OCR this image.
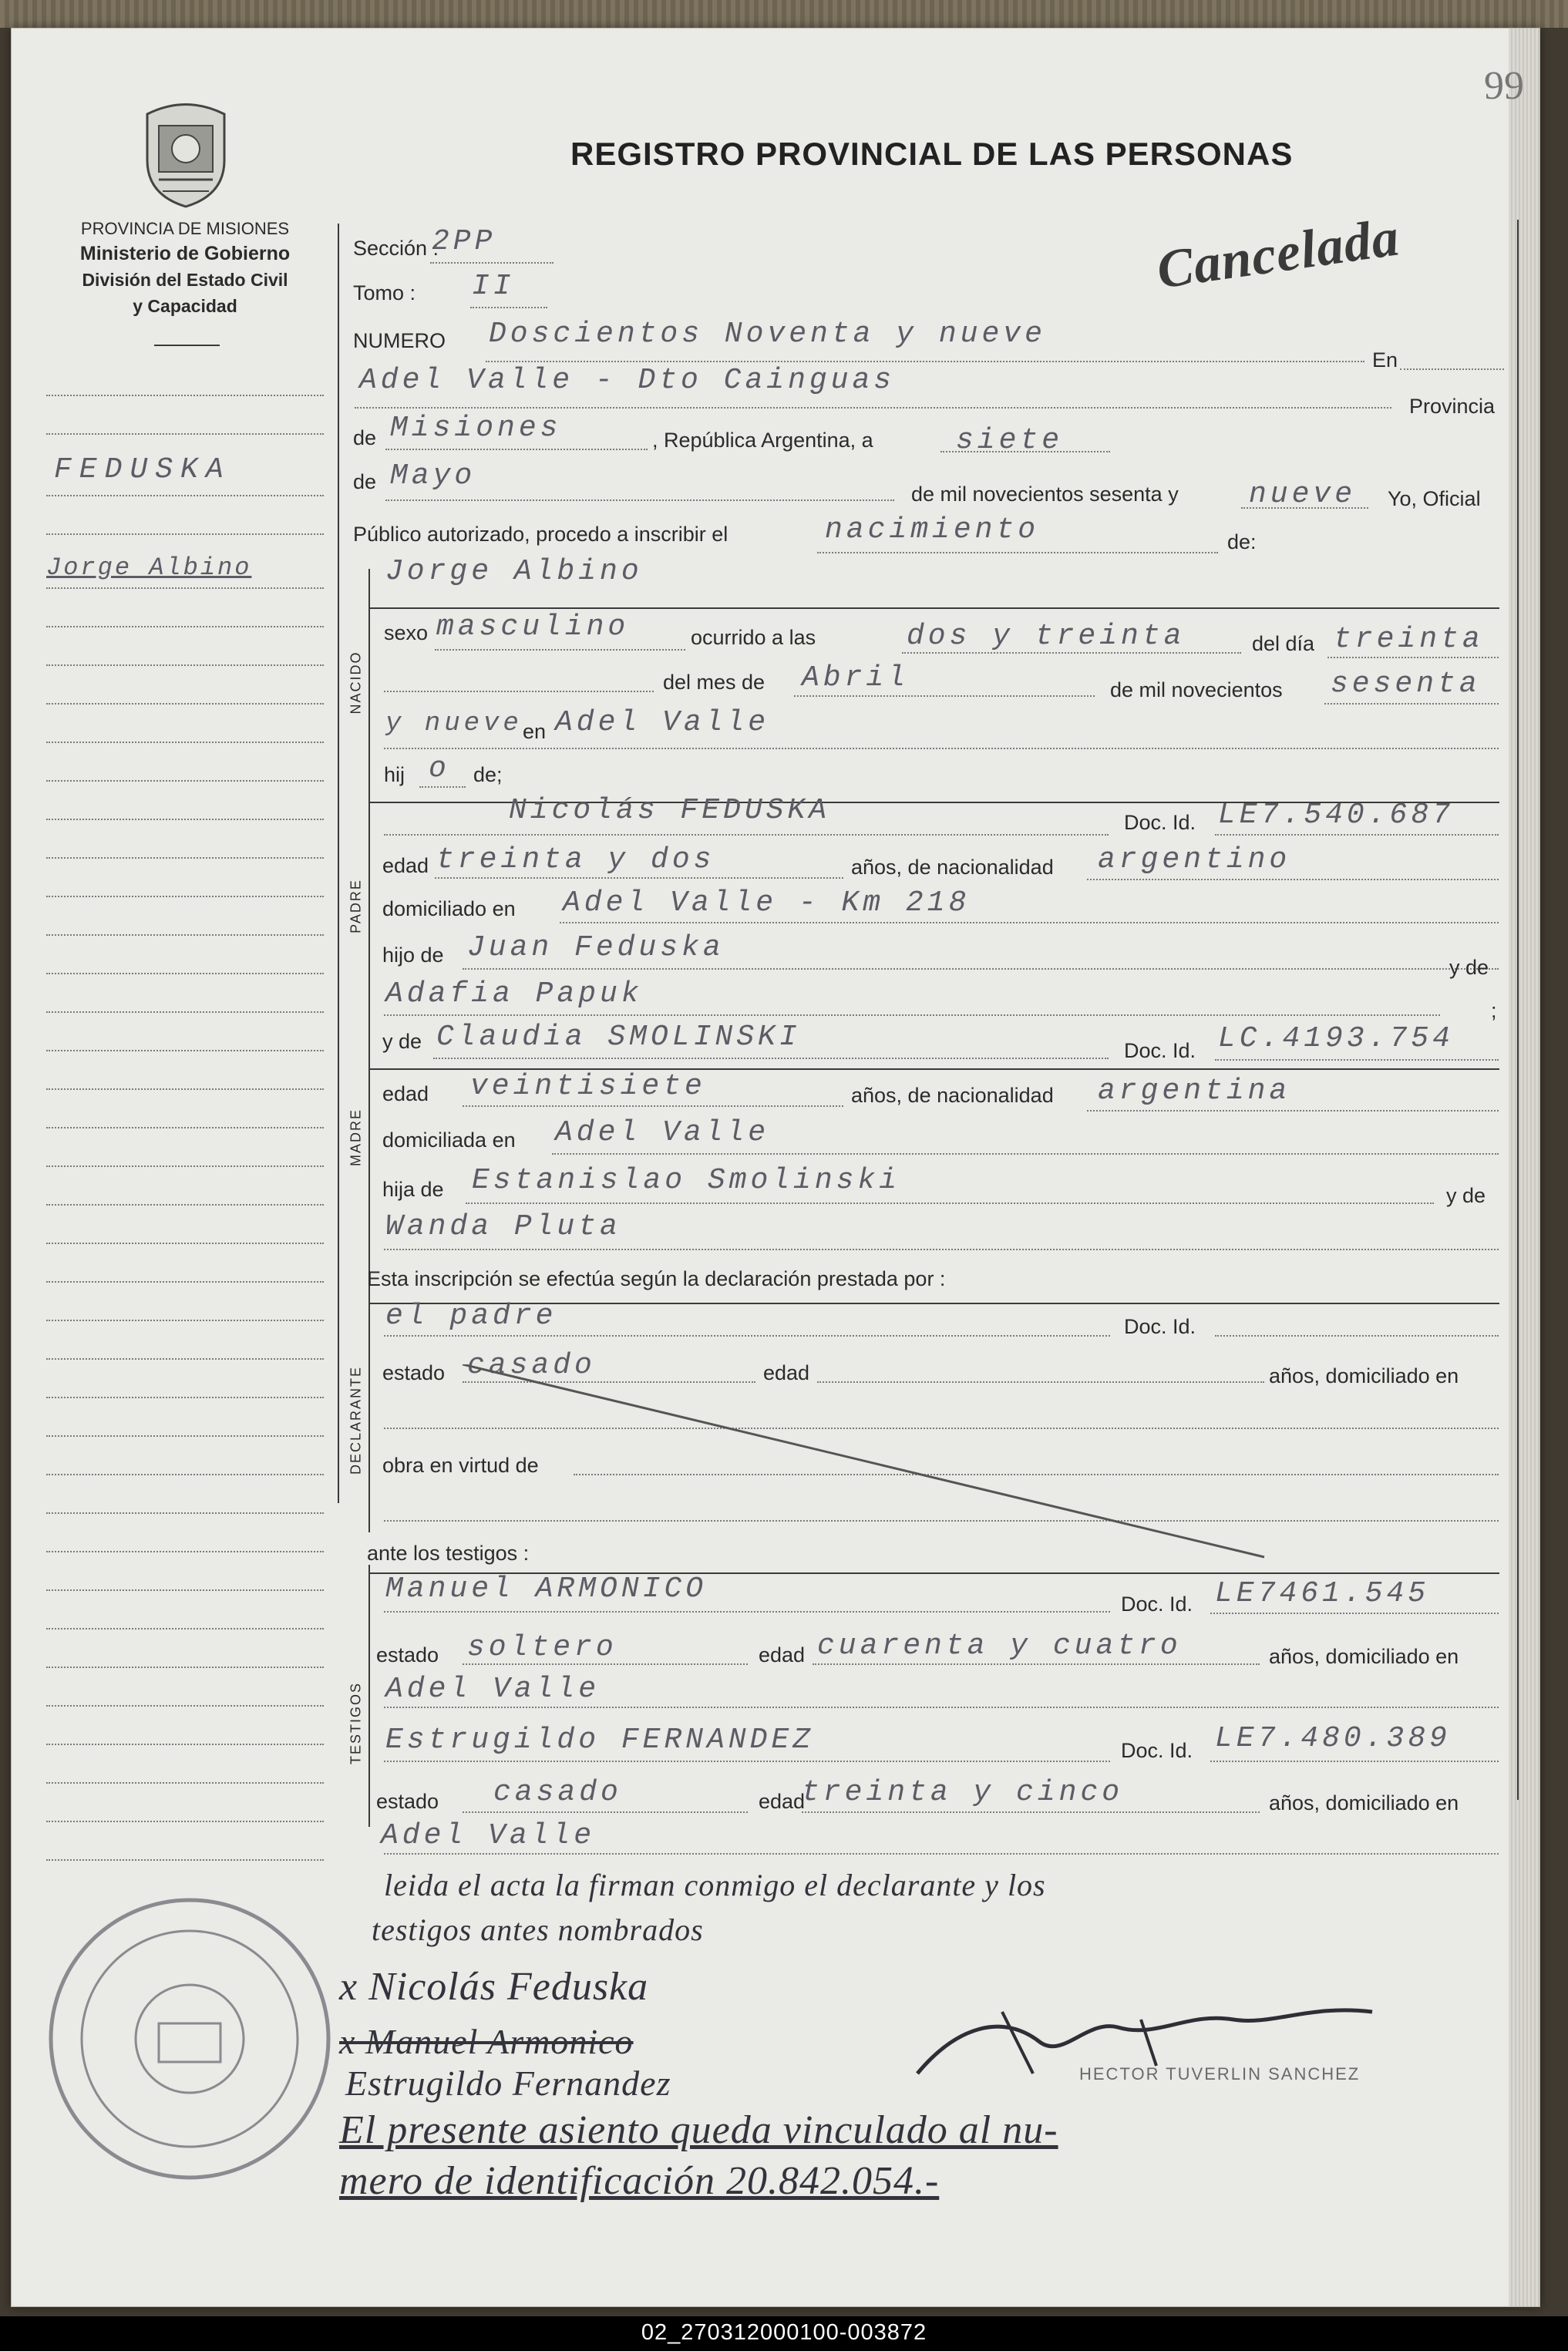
99
REGISTRO PROVINCIAL DE LAS PERSONAS
PROVINCIA DE MISIONES
Ministerio de Gobierno
División del Estado Civil
y Capacidad
FEDUSKA
Jorge Albino
NACIDO
PADRE
MADRE
DECLARANTE
TESTIGOS
Cancelada
Sección :
2PP
Tomo : II
NUMERO Doscientos Noventa y nueve
En
Adel Valle - Dto Cainguas
Provincia
de Misiones	, República Argentina, a	siete
de Mayo
de mil novecientos sesenta y nueve Yo, Oficial
Público autorizado, procedo a inscribir el	nacimiento	de:
Jorge Albino
sexo masculino	ocurrido a las	dos y treinta	del día treinta
del mes de Abril	de mil novecientos sesenta
y nueve en Adel Valle
hij o de;
Nicolás FEDUSKA	Doc. Id. LE7.540.687
edad treinta y dos	años, de nacionalidad argentino
domiciliado en Adel Valle - Km 218
hijo de Juan Feduska
Adafia Papuk
y de
;
y de Claudia SMOLINSKI	Doc. Id. LC.4193.754
edad veintisiete	años, de nacionalidad argentina
domiciliada en Adel Valle
hija de Estanislao Smolinski	y de
Wanda Pluta
Esta inscripción se efectúa según la declaración prestada por :
el padre	Doc. Id.
estado casado	edad	años, domiciliado en
obra en virtud de
ante los testigos :
Manuel ARMONICO	Doc. Id. LE7461.545
estado soltero	edad cuarenta y cuatro	años, domiciliado en
Adel Valle
Estrugildo FERNANDEZ	Doc. Id. LE7.480.389
estado casado	edad
treinta y cinco	años, domiciliado en
Adel Valle
leida el acta la firman conmigo el declarante y los
testigos antes nombrados
x Nicolás Feduska
x Manuel Armonico
Estrugildo Fernandez	HECTOR TUVERLIN SANCHEZ
El presente asiento queda vinculado al nu-
mero de identificación 20.842.054.-
02_270312000100-003872
